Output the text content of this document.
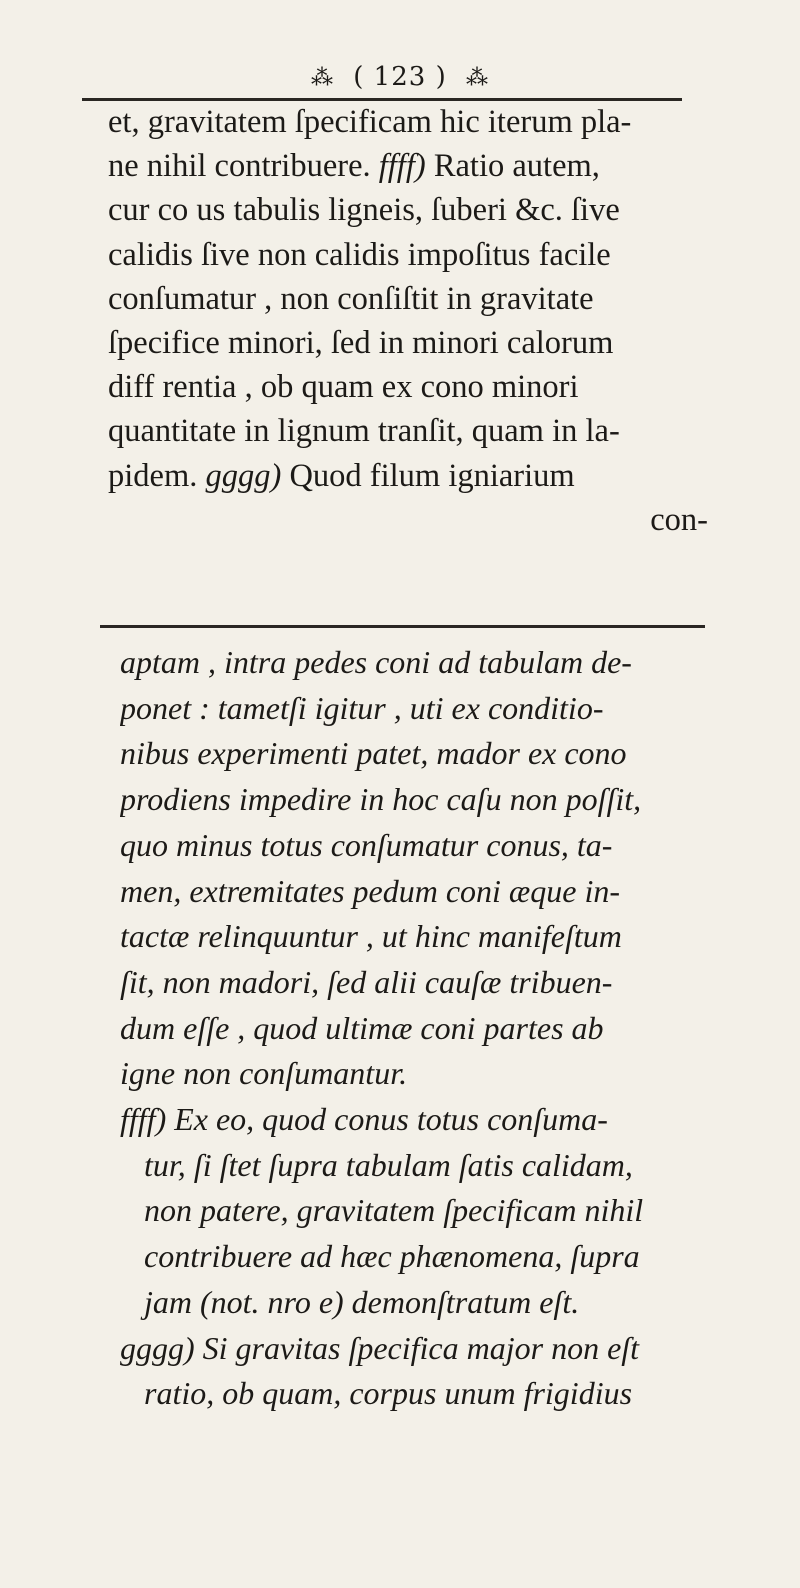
⁂ ( 123 ) ⁂
et, gravitatem ſpecificam hic iterum pla-
ne nihil contribuere. ffff) Ratio autem,
cur co us tabulis ligneis, ſuberi &c. ſive
calidis ſive non calidis impoſitus facile
conſumatur , non conſiſtit in gravitate
ſpecifice minori, ſed in minori calorum
diff rentia , ob quam ex cono minori
quantitate in lignum tranſit, quam in la-
pidem. gggg) Quod filum igniarium
con-
aptam , intra pedes coni ad tabulam de-
ponet : tametſi igitur , uti ex conditio-
nibus experimenti patet, mador ex cono
prodiens impedire in hoc caſu non poſſit,
quo minus totus conſumatur conus, ta-
men, extremitates pedum coni æque in-
tactæ relinquuntur , ut hinc manifeſtum
ſit, non madori, ſed alii cauſæ tribuen-
dum eſſe , quod ultimæ coni partes ab
igne non conſumantur.
ffff) Ex eo, quod conus totus conſuma-
tur, ſi ſtet ſupra tabulam ſatis calidam,
non patere, gravitatem ſpecificam nihil
contribuere ad hæc phænomena, ſupra
jam (not. nro e) demonſtratum eſt.
gggg) Si gravitas ſpecifica major non eſt
ratio, ob quam, corpus unum frigidius
